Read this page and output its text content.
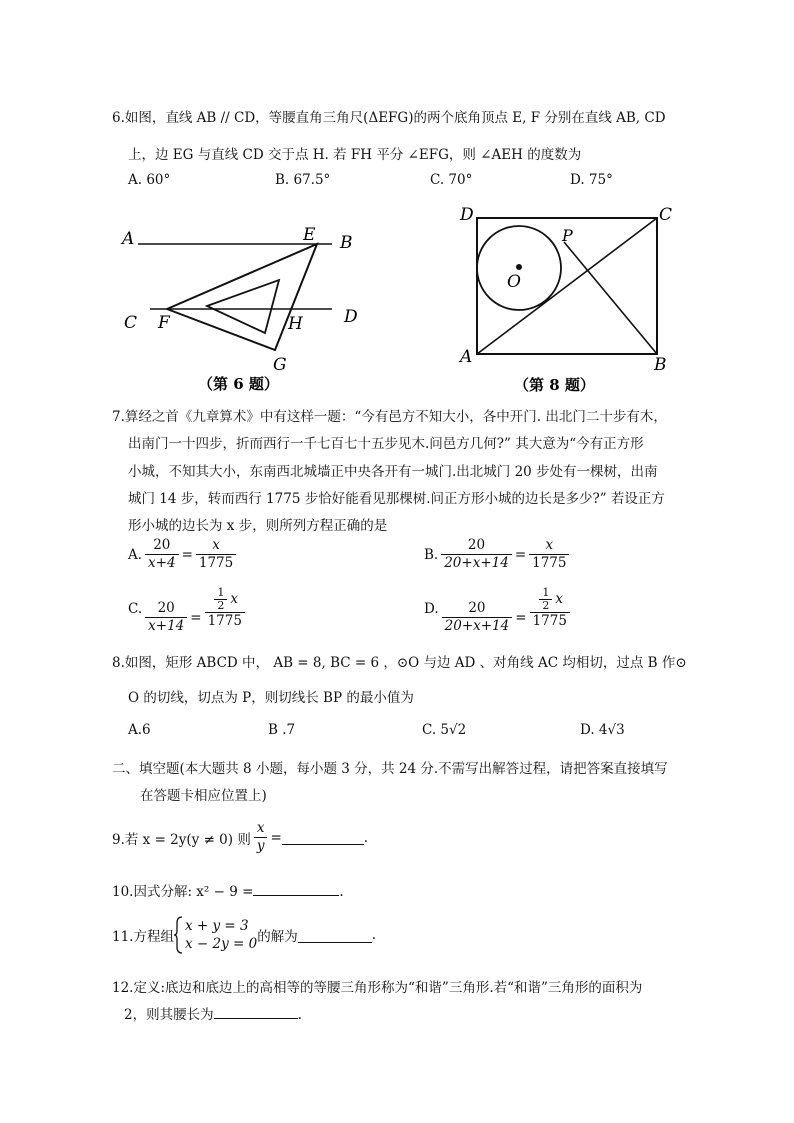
6.如图，直线 AB // CD，等腰直角三角尺(ΔEFG)的两个底角顶点 E, F 分别在直线 AB, CD
上，边 EG 与直线 CD 交于点 H. 若 FH 平分 ∠EFG，则 ∠AEH 的度数为
A. 60°	B. 67.5°	C. 70°	D. 75°
A	E B
C F	H D
G
（第 6 题）
D	C
P
O
A	B
（第 8 题）
7.算经之首《九章算术》中有这样一题：“今有邑方不知大小，各中开门. 出北门二十步有木，
出南门一十四步，折而西行一千七百七十五步见木.问邑方几何?” 其大意为“今有正方形
小城，不知其大小，东南西北城墙正中央各开有一城门.出北城门 20 步处有一棵树，出南
城门 14 步，转而西行 1775 步恰好能看见那棵树.问正方形小城的边长是多少?” 若设正方
形小城的边长为 x 步，则所列方程正确的是
A. $\frac{20}{x+4} = \frac{x}{1775}$	B. $\frac{20}{20+x+14} = \frac{x}{1775}$
C. $\frac{20}{x+14} = \frac{\frac{1}{2} x}{1775}$	D. $\frac{20}{20+x+14} = \frac{\frac{1}{2} x}{1775}$
8.如图，矩形 ABCD 中， AB = 8, BC = 6 ，⊙O 与边 AD 、对角线 AC 均相切，过点 B 作⊙
O 的切线，切点为 P，则切线长 BP 的最小值为
A.6	B .7	C. 5√2	D. 4√3
二、填空题(本大题共 8 小题，每小题 3 分，共 24 分.不需写出解答过程，请把答案直接填写
在答题卡相应位置上)
9.若 x = 2y(y ≠ 0) 则 $\frac{x}{y}$ =	.
10.因式分解: x² − 9 =	.
11.方程组
x + y = 3
x − 2y = 0 的解为	.
12.定义:底边和底边上的高相等的等腰三角形称为“和谐”三角形.若“和谐”三角形的面积为
2，则其腰长为	.
